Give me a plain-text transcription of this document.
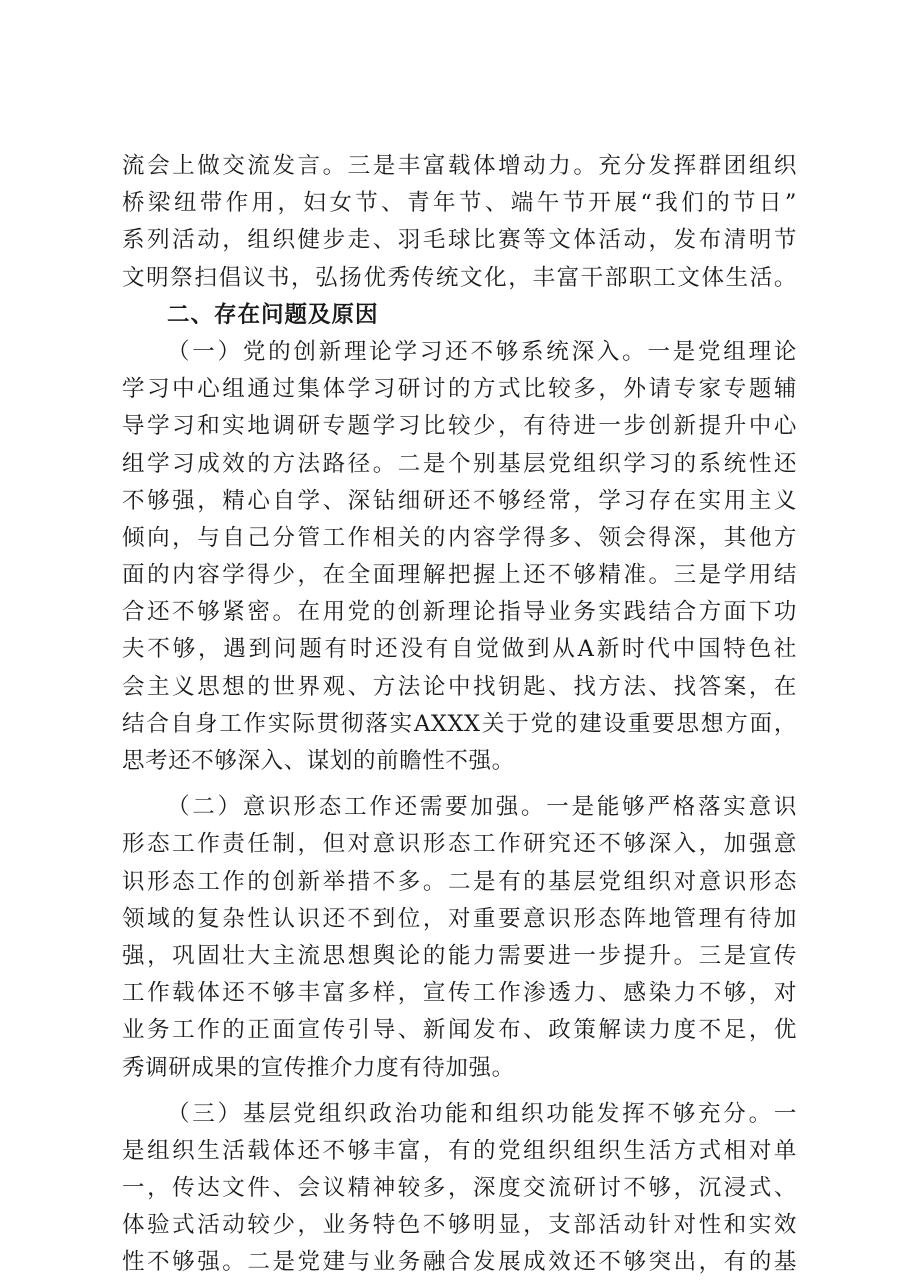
流会上做交流发言。三是丰富载体增动力。充分发挥群团组织
桥梁纽带作用，妇女节、青年节、端午节开展“我们的节日”
系列活动，组织健步走、羽毛球比赛等文体活动，发布清明节
文明祭扫倡议书，弘扬优秀传统文化，丰富干部职工文体生活。
二、存在问题及原因
（一）党的创新理论学习还不够系统深入。一是党组理论
学习中心组通过集体学习研讨的方式比较多，外请专家专题辅
导学习和实地调研专题学习比较少，有待进一步创新提升中心
组学习成效的方法路径。二是个别基层党组织学习的系统性还
不够强，精心自学、深钻细研还不够经常，学习存在实用主义
倾向，与自己分管工作相关的内容学得多、领会得深，其他方
面的内容学得少，在全面理解把握上还不够精准。三是学用结
合还不够紧密。在用党的创新理论指导业务实践结合方面下功
夫不够，遇到问题有时还没有自觉做到从A新时代中国特色社
会主义思想的世界观、方法论中找钥匙、找方法、找答案，在
结合自身工作实际贯彻落实AXXX关于党的建设重要思想方面，
思考还不够深入、谋划的前瞻性不强。
（二）意识形态工作还需要加强。一是能够严格落实意识
形态工作责任制，但对意识形态工作研究还不够深入，加强意
识形态工作的创新举措不多。二是有的基层党组织对意识形态
领域的复杂性认识还不到位，对重要意识形态阵地管理有待加
强，巩固壮大主流思想舆论的能力需要进一步提升。三是宣传
工作载体还不够丰富多样，宣传工作渗透力、感染力不够，对
业务工作的正面宣传引导、新闻发布、政策解读力度不足，优
秀调研成果的宣传推介力度有待加强。
（三）基层党组织政治功能和组织功能发挥不够充分。一
是组织生活载体还不够丰富，有的党组织组织生活方式相对单
一，传达文件、会议精神较多，深度交流研讨不够，沉浸式、
体验式活动较少，业务特色不够明显，支部活动针对性和实效
性不够强。二是党建与业务融合发展成效还不够突出，有的基
